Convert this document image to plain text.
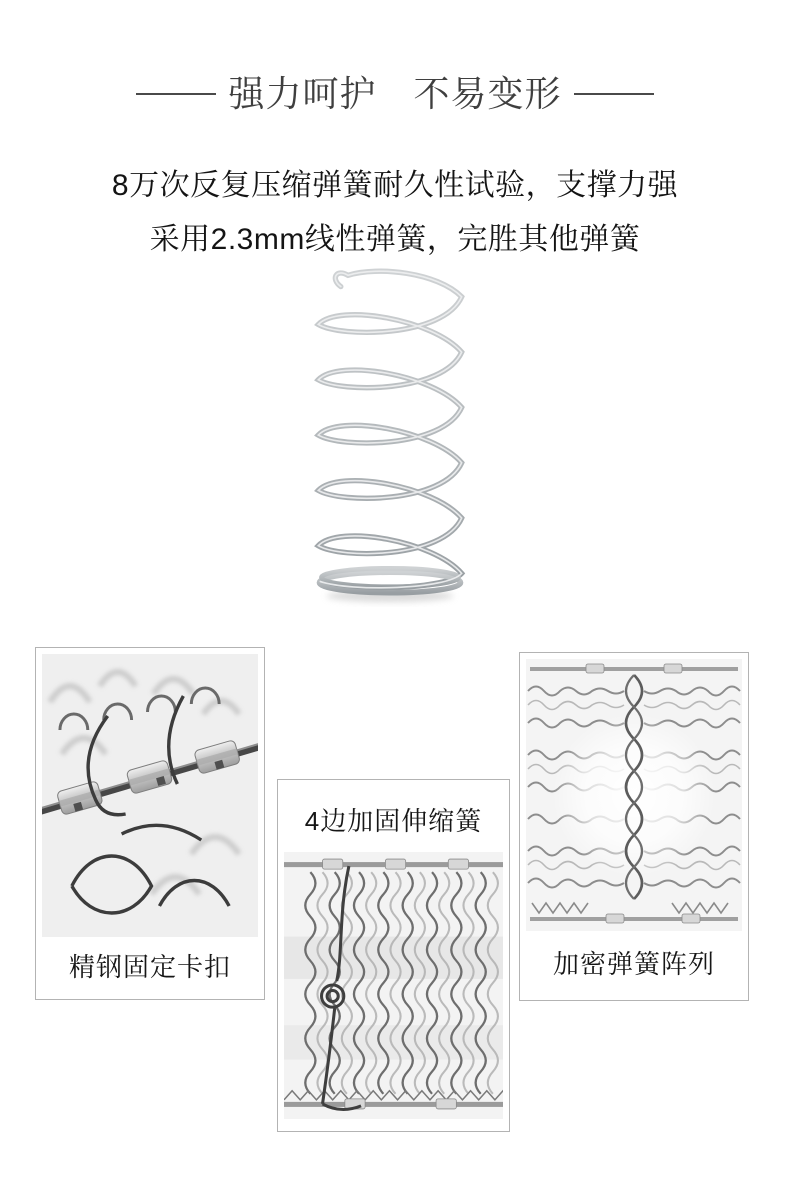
强力呵护　不易变形

8万次反复压缩弹簧耐久性试验，支撑力强

采用2.3mm线性弹簧，完胜其他弹簧

精钢固定卡扣
4边加固伸缩簧
加密弹簧阵列
